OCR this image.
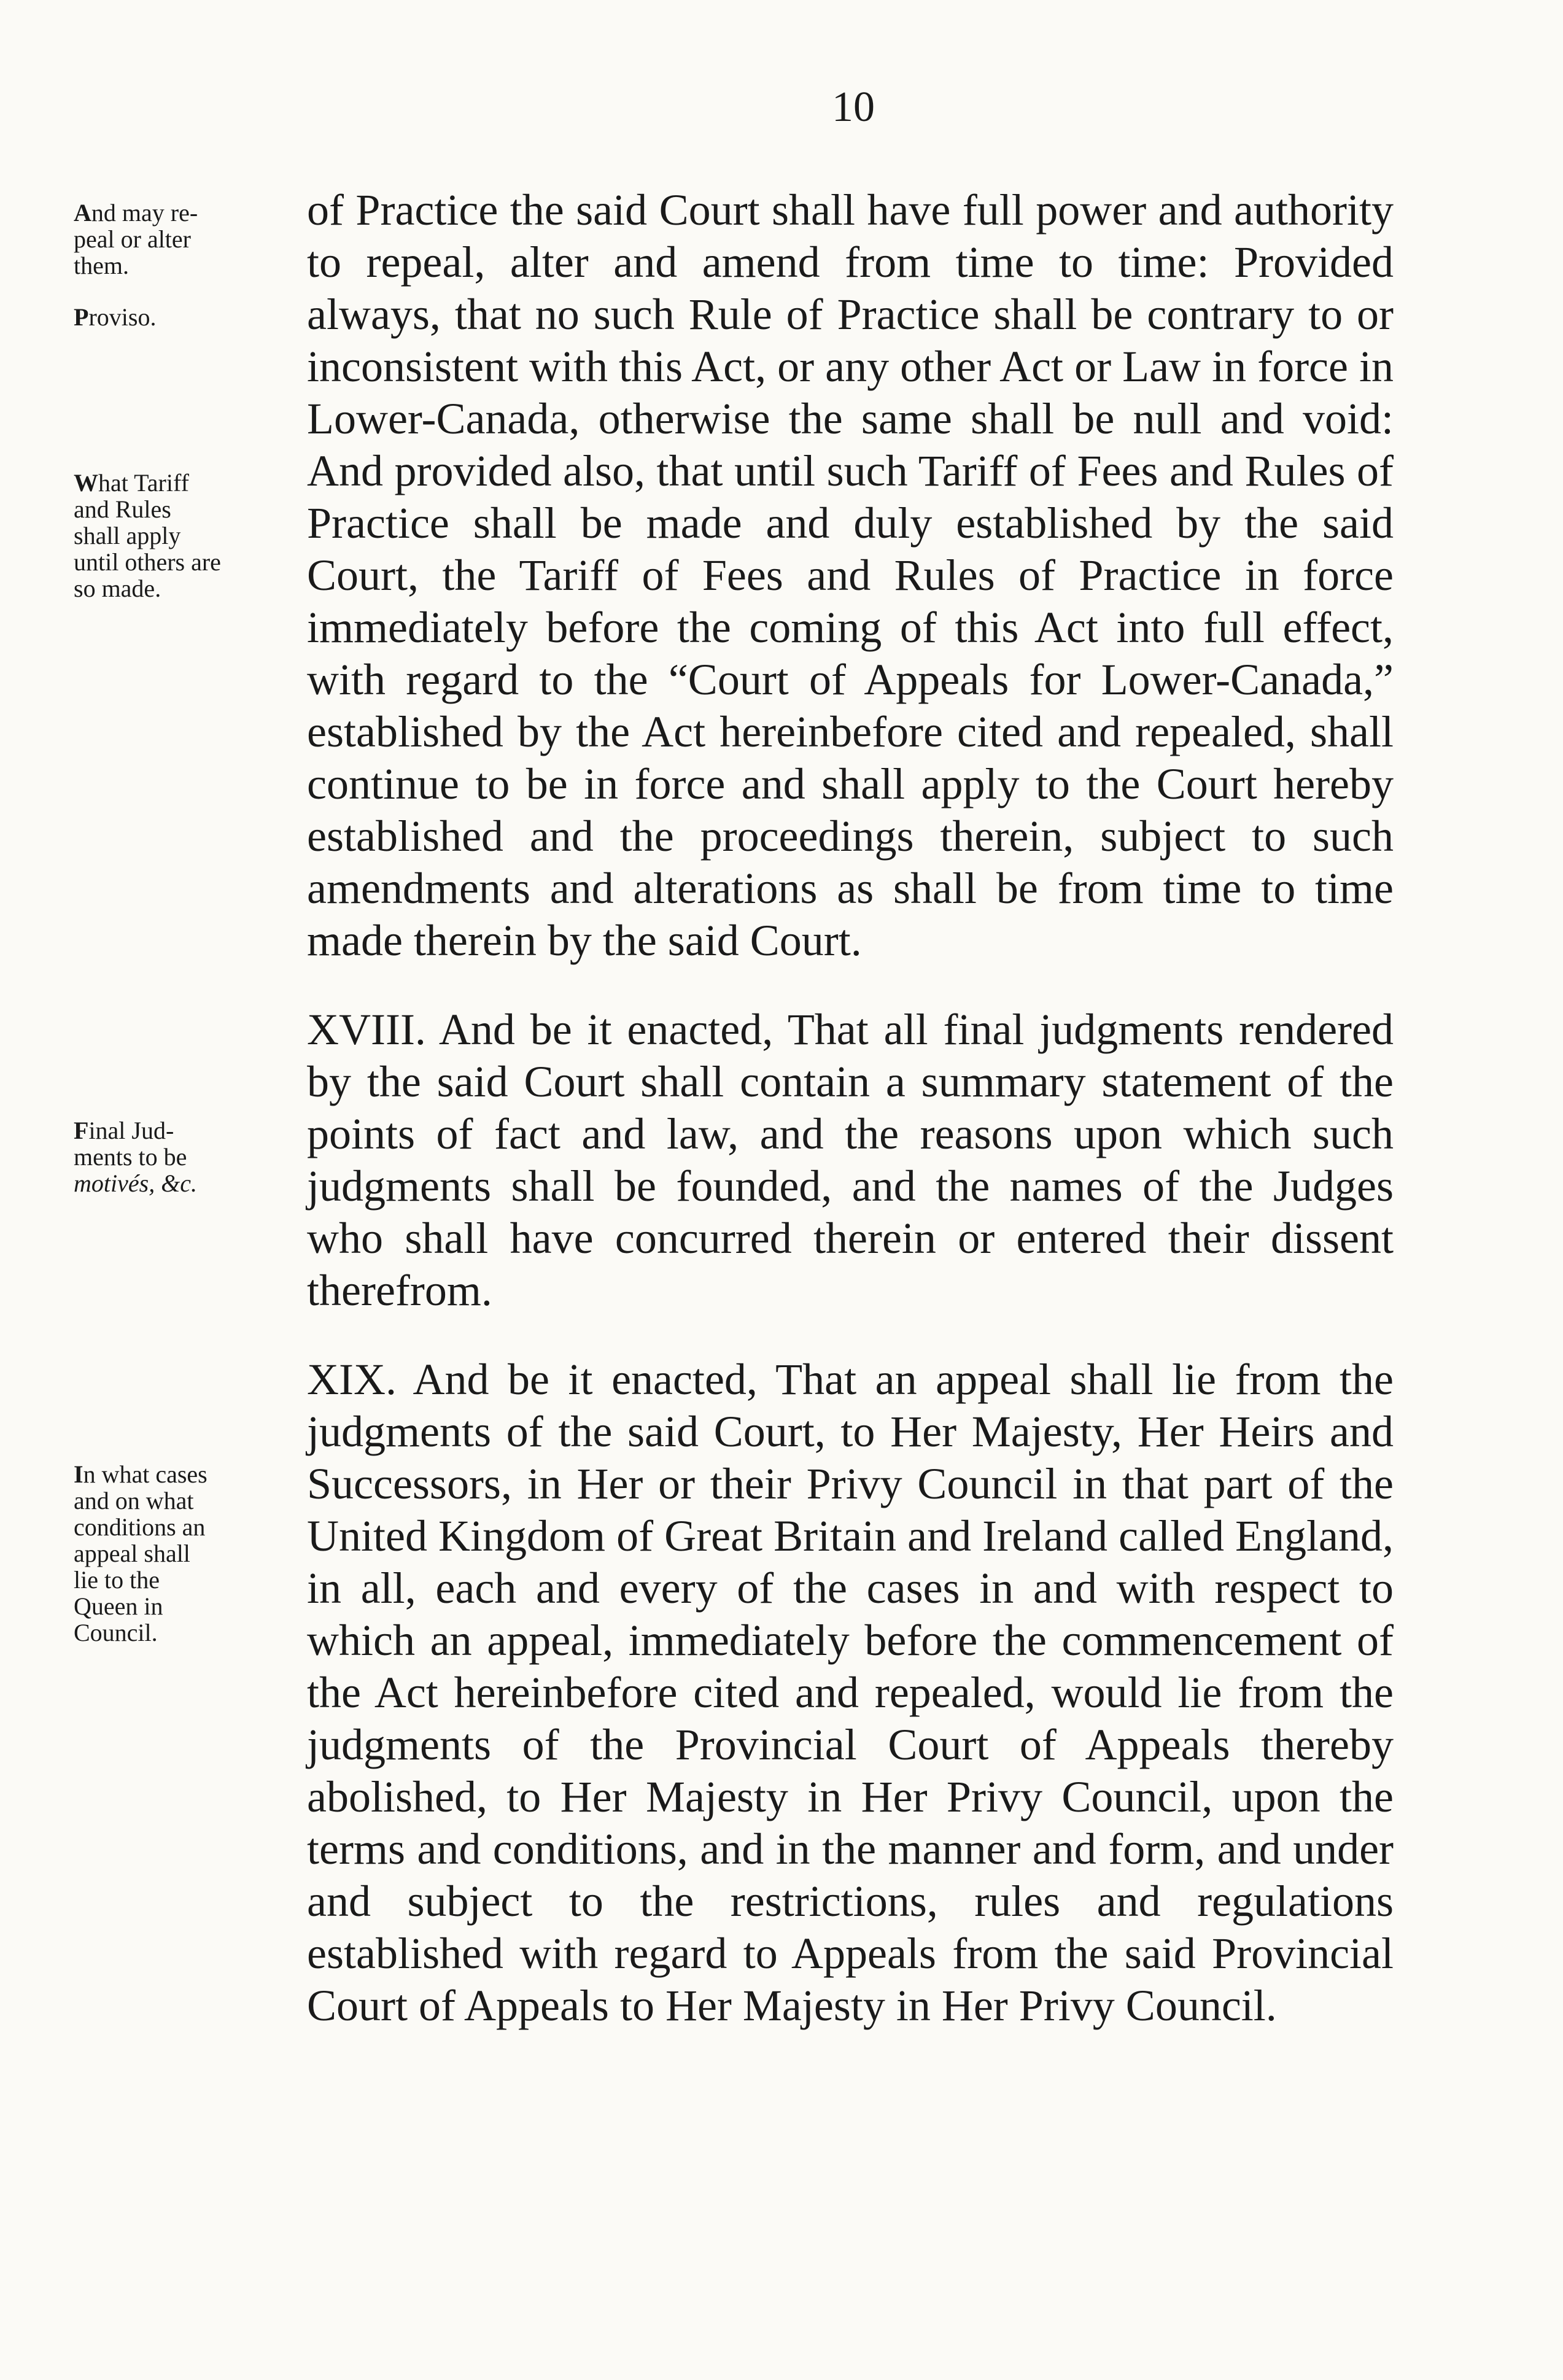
10
And may re-
peal or alter
them.
Proviso.
What Tariff
and Rules
shall apply
until others are
so made.
Final Jud-
ments to be
motivés, &c.
In what cases
and on what
conditions an
appeal shall
lie to the
Queen in
Council.

of Practice the said Court shall have full power and authority to repeal, alter and amend from time to time: Provided always, that no such Rule of Practice shall be contrary to or inconsistent with this Act, or any other Act or Law in force in Lower-Canada, otherwise the same shall be null and void: And provided also, that until such Tariff of Fees and Rules of Practice shall be made and duly established by the said Court, the Tariff of Fees and Rules of Practice in force immediately before the coming of this Act into full effect, with regard to the “Court of Appeals for Lower-Canada,” established by the Act hereinbefore cited and repealed, shall continue to be in force and shall apply to the Court hereby established and the proceedings therein, subject to such amendments and alterations as shall be from time to time made therein by the said Court.

XVIII. And be it enacted, That all final judgments rendered by the said Court shall contain a summary statement of the points of fact and law, and the reasons upon which such judgments shall be founded, and the names of the Judges who shall have concurred therein or entered their dissent therefrom.

XIX. And be it enacted, That an appeal shall lie from the judgments of the said Court, to Her Majesty, Her Heirs and Successors, in Her or their Privy Council in that part of the United Kingdom of Great Britain and Ireland called England, in all, each and every of the cases in and with respect to which an appeal, immediately before the commencement of the Act hereinbefore cited and repealed, would lie from the judgments of the Provincial Court of Appeals thereby abolished, to Her Majesty in Her Privy Council, upon the terms and conditions, and in the manner and form, and under and subject to the restrictions, rules and regulations established with regard to Appeals from the said Provincial Court of Appeals to Her Majesty in Her Privy Council.
